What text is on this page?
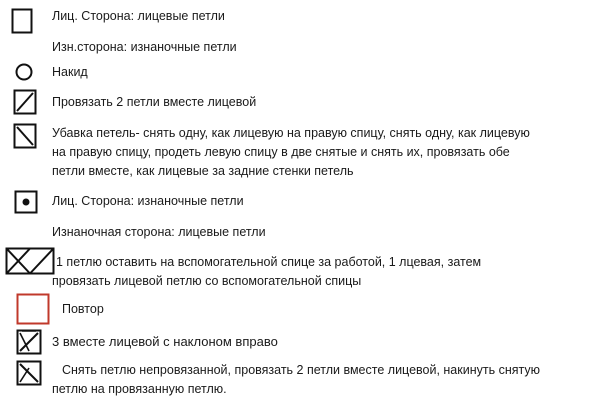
Лиц. Сторона: лицевые петли

Изн.сторона: изнаночные петли

Накид

Провязать 2 петли вместе лицевой

Убавка петель- снять одну, как лицевую на правую спицу, снять одну, как лицевую

на правую спицу, продеть левую спицу в две снятые и снять их, провязать обе

петли вместе, как лицевые за задние стенки петель

Лиц. Сторона: изнаночные петли

Изнаночная сторона: лицевые петли

1 петлю оставить на вспомогательной спице за работой, 1 лцевая, затем

провязать лицевой петлю со вспомогательной спицы

Повтор

3 вместе лицевой с наклоном вправо

Снять петлю непровязанной, провязать 2 петли вместе лицевой, накинуть снятую

петлю на провязанную петлю.
